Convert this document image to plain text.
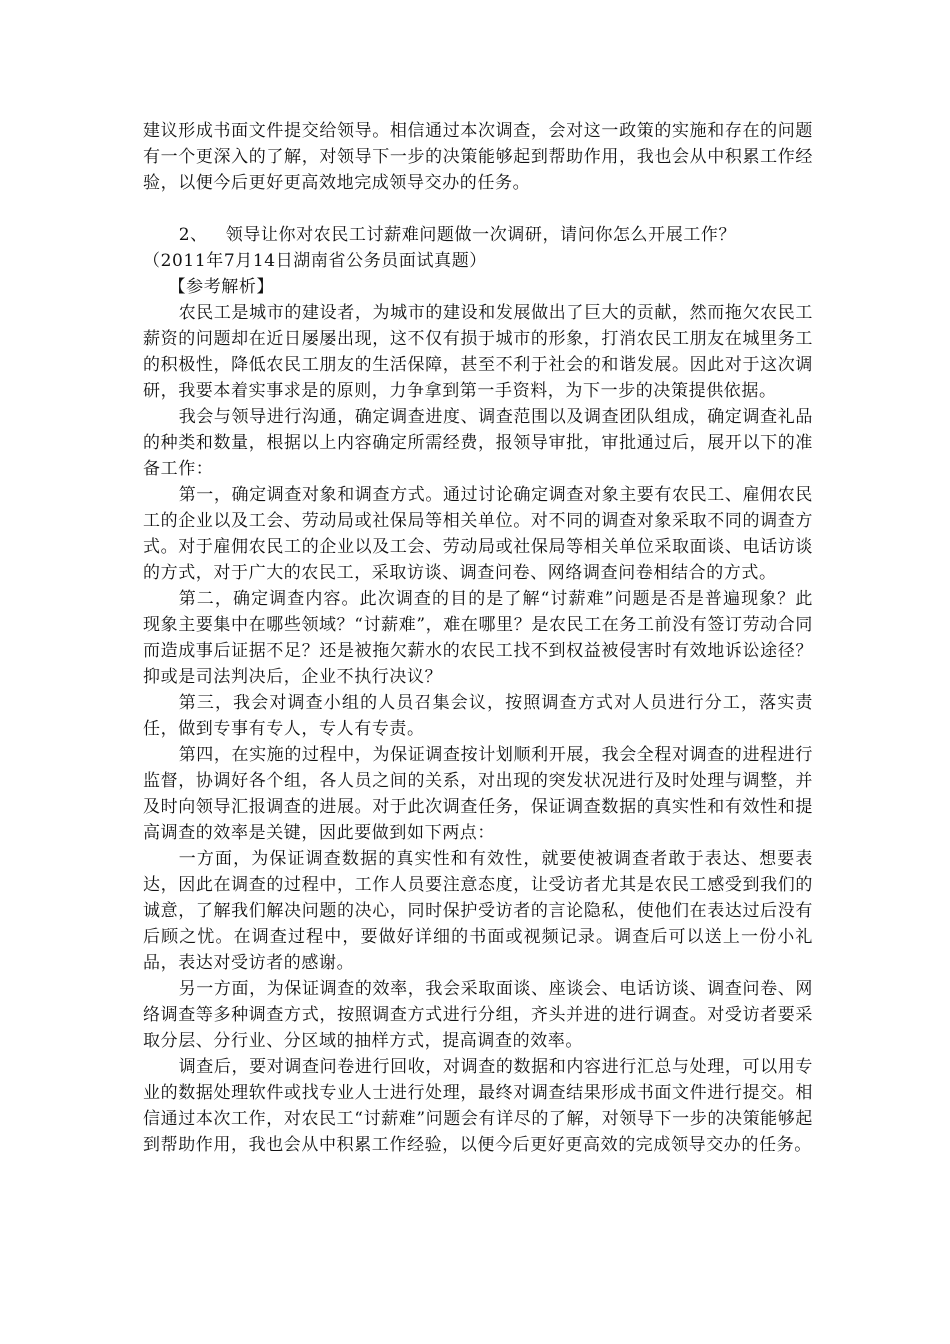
建议形成书面文件提交给领导。相信通过本次调查，会对这一政策的实施和存在的问题有一个更深入的了解，对领导下一步的决策能够起到帮助作用，我也会从中积累工作经验，以便今后更好更高效地完成领导交办的任务。

2、 领导让你对农民工讨薪难问题做一次调研，请问你怎么开展工作？

（2011年7月14日湖南省公务员面试真题）

【参考解析】

农民工是城市的建设者，为城市的建设和发展做出了巨大的贡献，然而拖欠农民工薪资的问题却在近日屡屡出现，这不仅有损于城市的形象，打消农民工朋友在城里务工的积极性，降低农民工朋友的生活保障，甚至不利于社会的和谐发展。因此对于这次调研，我要本着实事求是的原则，力争拿到第一手资料，为下一步的决策提供依据。

我会与领导进行沟通，确定调查进度、调查范围以及调查团队组成，确定调查礼品的种类和数量，根据以上内容确定所需经费，报领导审批，审批通过后，展开以下的准备工作：

第一，确定调查对象和调查方式。通过讨论确定调查对象主要有农民工、雇佣农民工的企业以及工会、劳动局或社保局等相关单位。对不同的调查对象采取不同的调查方式。对于雇佣农民工的企业以及工会、劳动局或社保局等相关单位采取面谈、电话访谈的方式，对于广大的农民工，采取访谈、调查问卷、网络调查问卷相结合的方式。

第二，确定调查内容。此次调查的目的是了解“讨薪难”问题是否是普遍现象？此现象主要集中在哪些领域？“讨薪难”，难在哪里？是农民工在务工前没有签订劳动合同而造成事后证据不足？还是被拖欠薪水的农民工找不到权益被侵害时有效地诉讼途径？抑或是司法判决后，企业不执行决议？

第三，我会对调查小组的人员召集会议，按照调查方式对人员进行分工，落实责任，做到专事有专人，专人有专责。

第四，在实施的过程中，为保证调查按计划顺利开展，我会全程对调查的进程进行监督，协调好各个组，各人员之间的关系，对出现的突发状况进行及时处理与调整，并及时向领导汇报调查的进展。对于此次调查任务，保证调查数据的真实性和有效性和提高调查的效率是关键，因此要做到如下两点：

一方面，为保证调查数据的真实性和有效性，就要使被调查者敢于表达、想要表达，因此在调查的过程中，工作人员要注意态度，让受访者尤其是农民工感受到我们的诚意，了解我们解决问题的决心，同时保护受访者的言论隐私，使他们在表达过后没有后顾之忧。在调查过程中，要做好详细的书面或视频记录。调查后可以送上一份小礼品，表达对受访者的感谢。

另一方面，为保证调查的效率，我会采取面谈、座谈会、电话访谈、调查问卷、网络调查等多种调查方式，按照调查方式进行分组，齐头并进的进行调查。对受访者要采取分层、分行业、分区域的抽样方式，提高调查的效率。

调查后，要对调查问卷进行回收，对调查的数据和内容进行汇总与处理，可以用专业的数据处理软件或找专业人士进行处理，最终对调查结果形成书面文件进行提交。相信通过本次工作，对农民工“讨薪难”问题会有详尽的了解，对领导下一步的决策能够起到帮助作用，我也会从中积累工作经验，以便今后更好更高效的完成领导交办的任务。
